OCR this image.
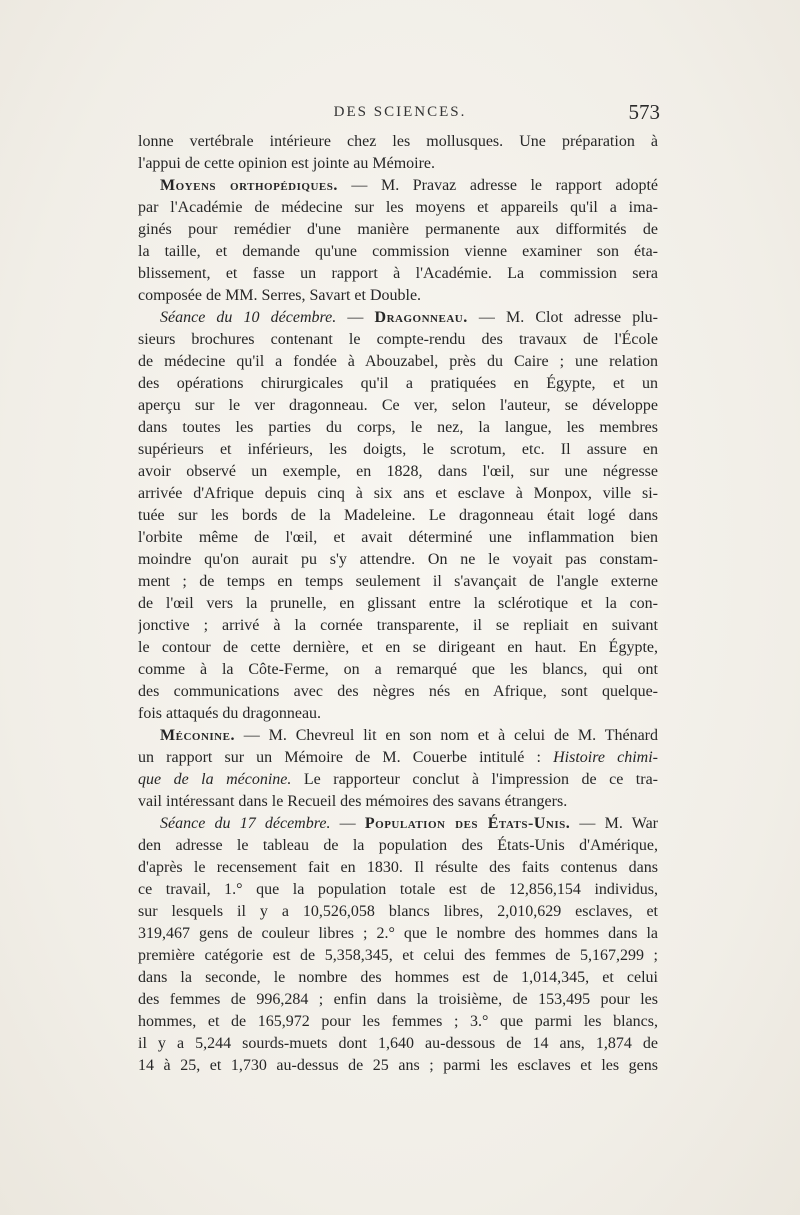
DES SCIENCES.	573
lonne vertébrale intérieure chez les mollusques. Une préparation à
l'appui de cette opinion est jointe au Mémoire.
Moyens orthopédiques. — M. Pravaz adresse le rapport adopté
par l'Académie de médecine sur les moyens et appareils qu'il a ima-
ginés pour remédier d'une manière permanente aux difformités de
la taille, et demande qu'une commission vienne examiner son éta-
blissement, et fasse un rapport à l'Académie. La commission sera
composée de MM. Serres, Savart et Double.
Séance du 10 décembre. — Dragonneau. — M. Clot adresse plu-
sieurs brochures contenant le compte-rendu des travaux de l'École
de médecine qu'il a fondée à Abouzabel, près du Caire ; une relation
des opérations chirurgicales qu'il a pratiquées en Égypte, et un
aperçu sur le ver dragonneau. Ce ver, selon l'auteur, se développe
dans toutes les parties du corps, le nez, la langue, les membres
supérieurs et inférieurs, les doigts, le scrotum, etc. Il assure en
avoir observé un exemple, en 1828, dans l'œil, sur une négresse
arrivée d'Afrique depuis cinq à six ans et esclave à Monpox, ville si-
tuée sur les bords de la Madeleine. Le dragonneau était logé dans
l'orbite même de l'œil, et avait déterminé une inflammation bien
moindre qu'on aurait pu s'y attendre. On ne le voyait pas constam-
ment ; de temps en temps seulement il s'avançait de l'angle externe
de l'œil vers la prunelle, en glissant entre la sclérotique et la con-
jonctive ; arrivé à la cornée transparente, il se repliait en suivant
le contour de cette dernière, et en se dirigeant en haut. En Égypte,
comme à la Côte-Ferme, on a remarqué que les blancs, qui ont
des communications avec des nègres nés en Afrique, sont quelque-
fois attaqués du dragonneau.
Méconine. — M. Chevreul lit en son nom et à celui de M. Thénard
un rapport sur un Mémoire de M. Couerbe intitulé : Histoire chimi-
que de la méconine. Le rapporteur conclut à l'impression de ce tra-
vail intéressant dans le Recueil des mémoires des savans étrangers.
Séance du 17 décembre. — Population des États-Unis. — M. War
den adresse le tableau de la population des États-Unis d'Amérique,
d'après le recensement fait en 1830. Il résulte des faits contenus dans
ce travail, 1.° que la population totale est de 12,856,154 individus,
sur lesquels il y a 10,526,058 blancs libres, 2,010,629 esclaves, et
319,467 gens de couleur libres ; 2.° que le nombre des hommes dans la
première catégorie est de 5,358,345, et celui des femmes de 5,167,299 ;
dans la seconde, le nombre des hommes est de 1,014,345, et celui
des femmes de 996,284 ; enfin dans la troisième, de 153,495 pour les
hommes, et de 165,972 pour les femmes ; 3.° que parmi les blancs,
il y a 5,244 sourds-muets dont 1,640 au-dessous de 14 ans, 1,874 de
14 à 25, et 1,730 au-dessus de 25 ans ; parmi les esclaves et les gens
